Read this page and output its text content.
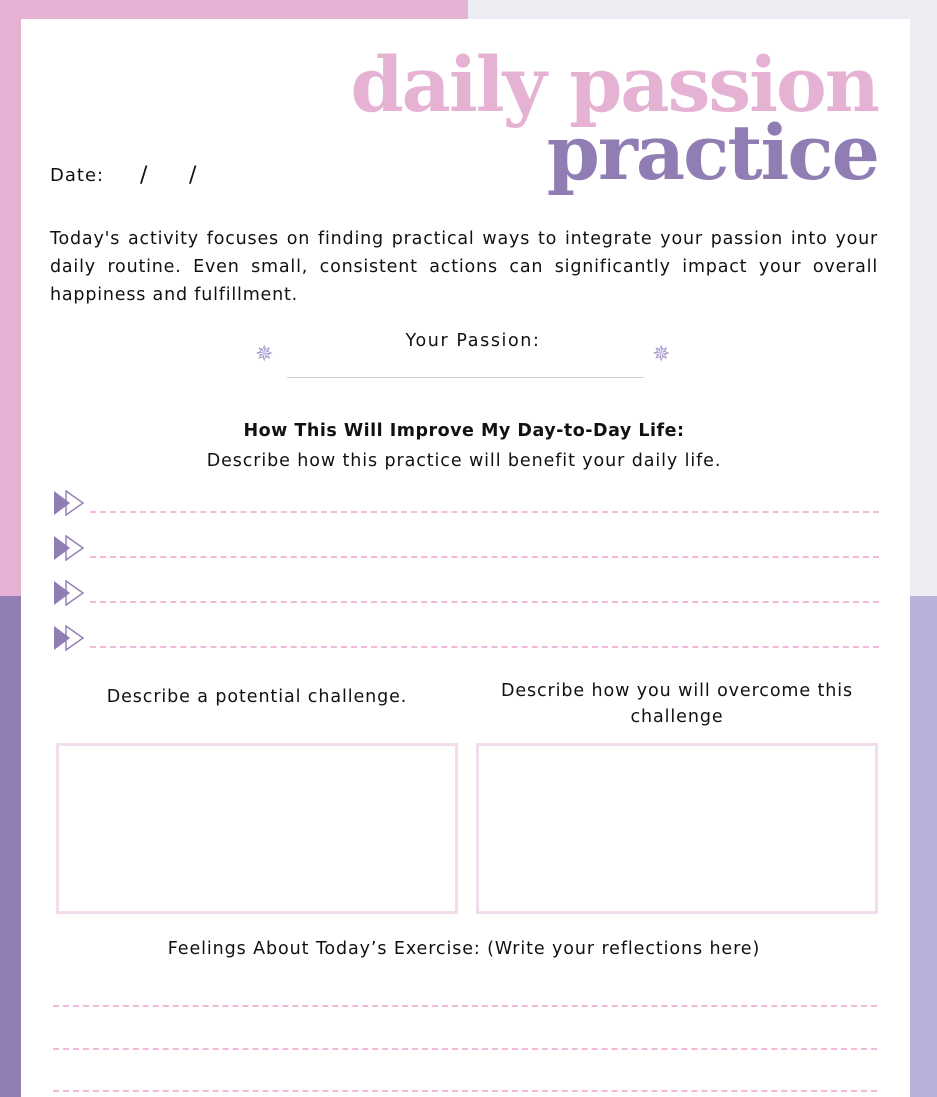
daily passion
practice
Date: / /

Today's activity focuses on finding practical ways to integrate your passion into your daily routine. Even small, consistent actions can significantly impact your overall happiness and fulfillment.

Your Passion:
✵	✵
How This Will Improve My Day-to-Day Life:
Describe how this practice will benefit your daily life.
Describe a potential challenge.	Describe how you will overcome this challenge
Feelings About Today’s Exercise: (Write your reflections here)
